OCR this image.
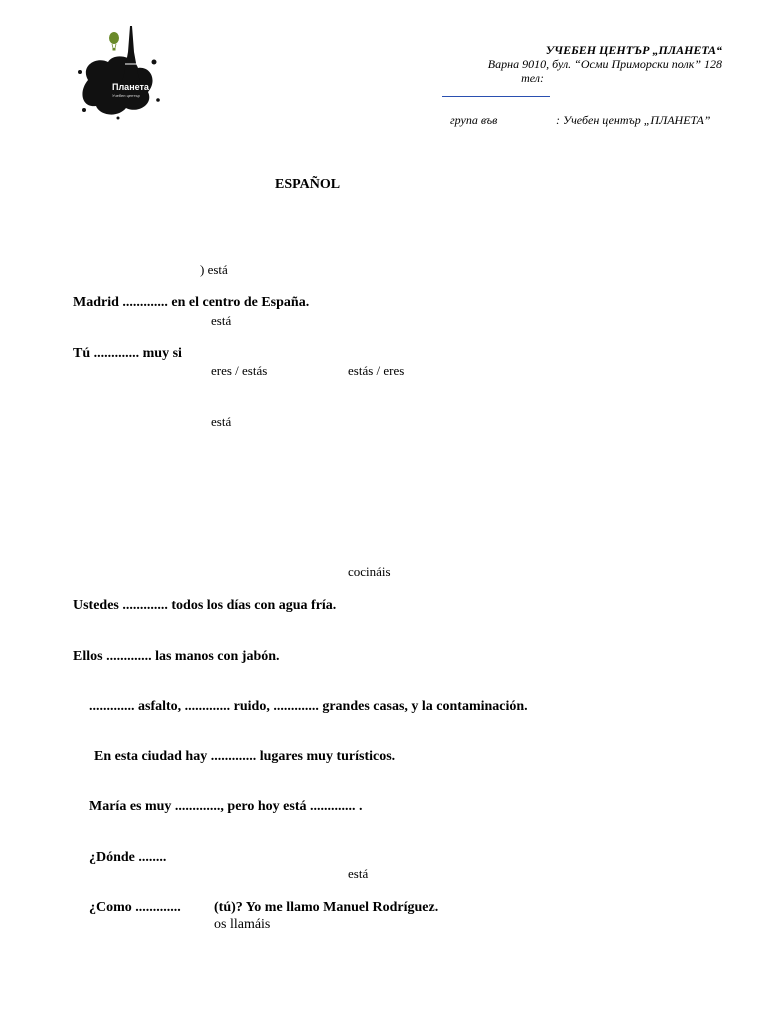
Планета
Учебен център
УЧЕБЕН ЦЕНТЪР „ПЛАНЕТА“
Варна 9010, бул. “Осми Приморски полк” 128
тел:
група във	: Учебен център „ПЛАНЕТА”
ESPAÑOL
) está
Madrid ............. en el centro de España.
está
Tú ............. muy si
eres / estás	estás / eres
está
cocináis
Ustedes ............. todos los días con agua fría.
Ellos ............. las manos con jabón.
............. asfalto, ............. ruido, ............. grandes casas, y la contaminación.
En esta ciudad hay ............. lugares muy turísticos.
María es muy ............., pero hoy está ............. .
¿Dónde ........
está
¿Como ............. (tú)? Yo me llamo Manuel Rodríguez.
os llamáis
